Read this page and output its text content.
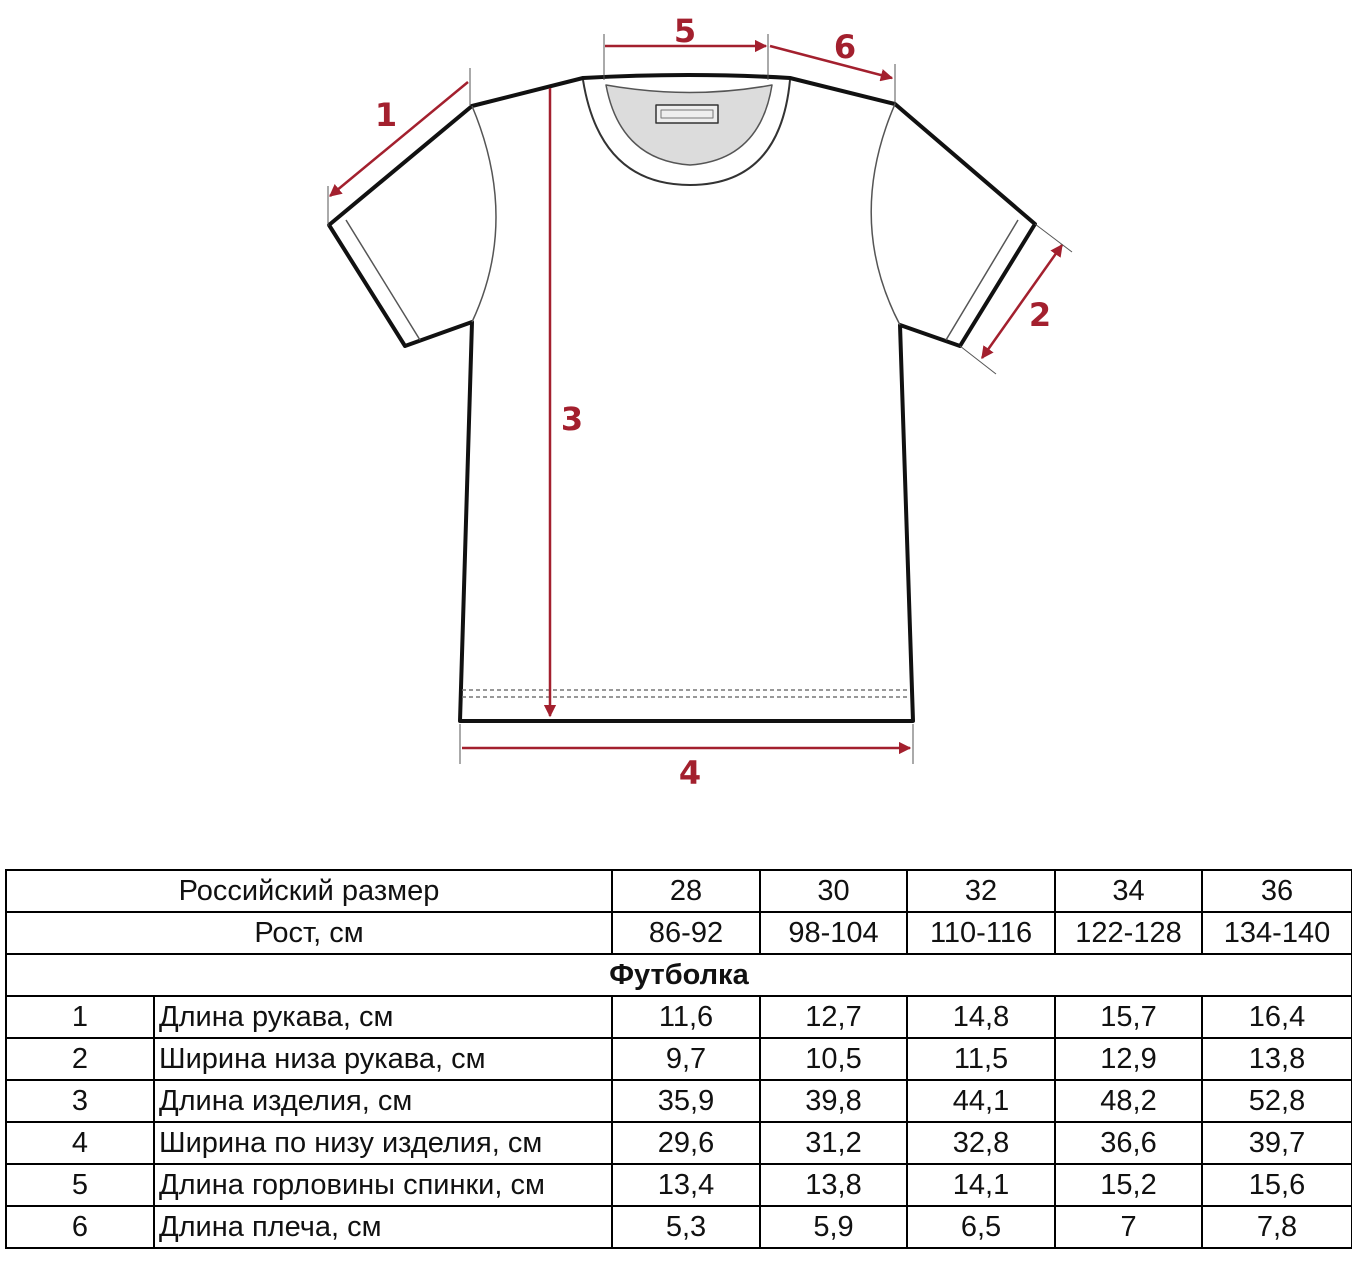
1
2
3
4
5	6
Российский размер		28	30	32	34	36
Рост, см		86-92	98-104	110-116	122-128	134-140
Футболка						
1	Длина рукава, см	11,6	12,7	14,8	15,7	16,4
2	Ширина низа рукава, см	9,7	10,5	11,5	12,9	13,8
3	Длина изделия, см	35,9	39,8	44,1	48,2	52,8
4	Ширина по низу изделия, см	29,6	31,2	32,8	36,6	39,7
5	Длина горловины спинки, см	13,4	13,8	14,1	15,2	15,6
6	Длина плеча, см	5,3	5,9	6,5	7	7,8
